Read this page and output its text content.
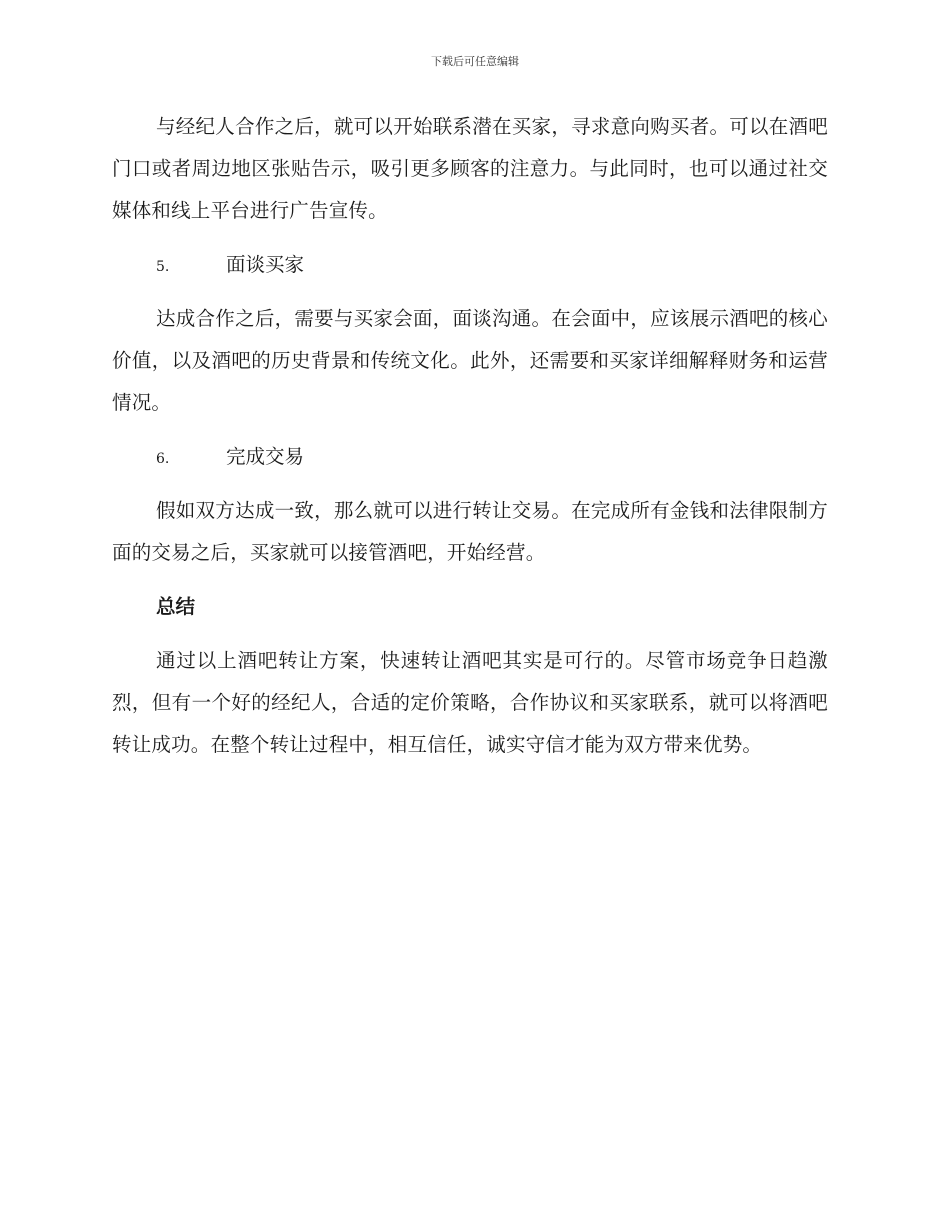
下载后可任意编辑

与经纪人合作之后，就可以开始联系潜在买家，寻求意向购买者。可以在酒吧门口或者周边地区张贴告示，吸引更多顾客的注意力。与此同时，也可以通过社交媒体和线上平台进行广告宣传。

5.	面谈买家

达成合作之后，需要与买家会面，面谈沟通。在会面中，应该展示酒吧的核心价值，以及酒吧的历史背景和传统文化。此外，还需要和买家详细解释财务和运营情况。

6.	完成交易

假如双方达成一致，那么就可以进行转让交易。在完成所有金钱和法律限制方面的交易之后，买家就可以接管酒吧，开始经营。

总结

通过以上酒吧转让方案，快速转让酒吧其实是可行的。尽管市场竞争日趋激烈，但有一个好的经纪人，合适的定价策略，合作协议和买家联系，就可以将酒吧转让成功。在整个转让过程中，相互信任，诚实守信才能为双方带来优势。
